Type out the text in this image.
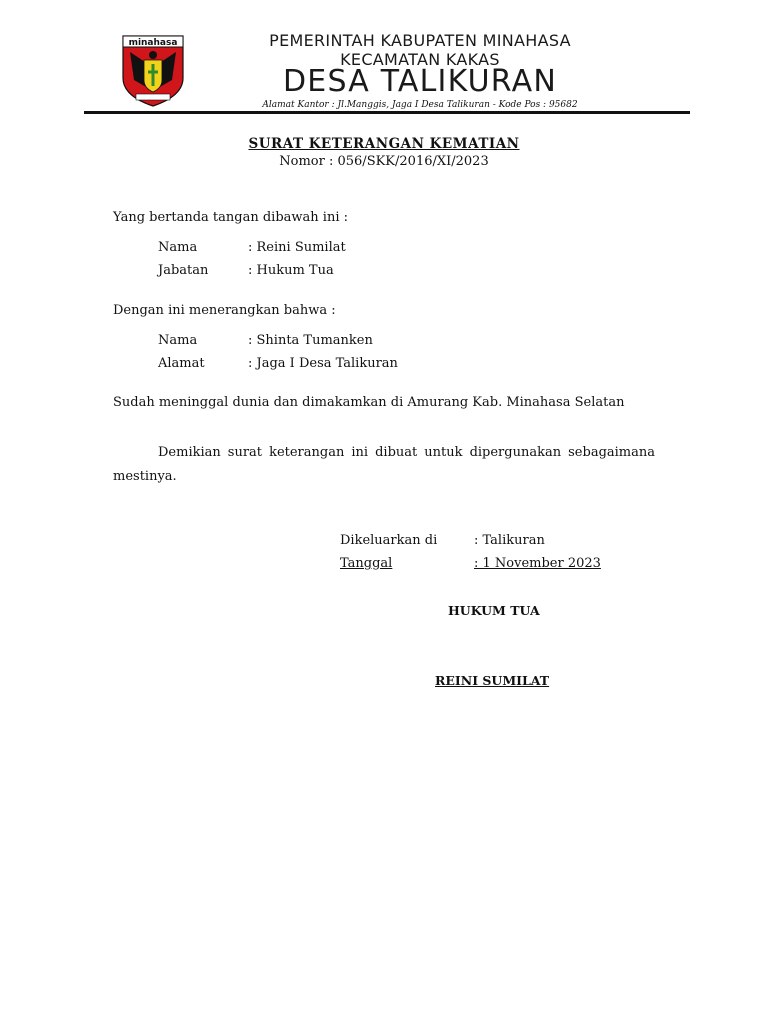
minahasa	PEMERINTAH KABUPATEN MINAHASA
KECAMATAN KAKAS
DESA TALIKURAN
Alamat Kantor : Jl.Manggis, Jaga I Desa Talikuran - Kode Pos : 95682
SURAT KETERANGAN KEMATIAN
Nomor : 056/SKK/2016/XI/2023
Yang bertanda tangan dibawah ini :
Nama	: Reini Sumilat
Jabatan	: Hukum Tua
Dengan ini menerangkan bahwa :
Nama	: Shinta Tumanken
Alamat	: Jaga I Desa Talikuran
Sudah meninggal dunia dan dimakamkan di Amurang Kab. Minahasa Selatan
Demikian surat keterangan ini dibuat untuk dipergunakan sebagaimana mestinya.
Dikeluarkan di	: Talikuran
Tanggal	: 1 November 2023
HUKUM TUA
REINI SUMILAT
